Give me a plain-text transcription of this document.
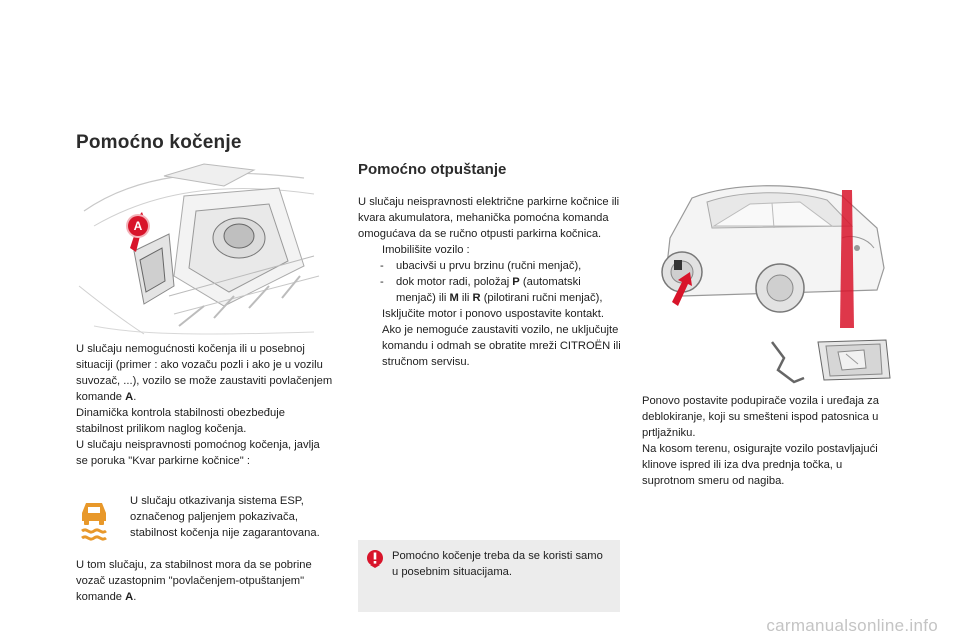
Pomoćno kočenje
A

U slučaju nemogućnosti kočenja ili u posebnoj situaciji (primer : ako vozaču pozli i ako je u vozilu suvozač, ...), vozilo se može zaustaviti povlačenjem komande A.

Dinamička kontrola stabilnosti obezbeđuje stabilnost prilikom naglog kočenja.

U slučaju neispravnosti pomoćnog kočenja, javlja se poruka "Kvar parkirne kočnice" :

U slučaju otkazivanja sistema ESP, označenog paljenjem pokazivača, stabilnost kočenja nije zagarantovana.
U tom slučaju, za stabilnost mora da se pobrine vozač uzastopnim "povlačenjem-otpuštanjem" komande A.
Pomoćno otpuštanje

U slučaju neispravnosti električne parkirne kočnice ili kvara akumulatora, mehanička pomoćna komanda omogućava da se ručno otpusti parkirna kočnica.

Imobilišite vozilo :

- ubacivši u prvu brzinu (ručni menjač),

- dok motor radi, položaj P (automatski menjač) ili M ili R (pilotirani ručni menjač),

Isključite motor i ponovo uspostavite kontakt. Ako je nemoguće zaustaviti vozilo, ne uključujte komandu i odmah se obratite mreži CITROËN ili stručnom servisu.

Pomoćno kočenje treba da se koristi samo u posebnim situacijama.

Ponovo postavite podupirače vozila i uređaja za deblokiranje, koji su smešteni ispod patosnica u prtljažniku.

Na kosom terenu, osigurajte vozilo postavljajući klinove ispred ili iza dva prednja točka, u suprotnom smeru od nagiba.

carmanualsonline.info
